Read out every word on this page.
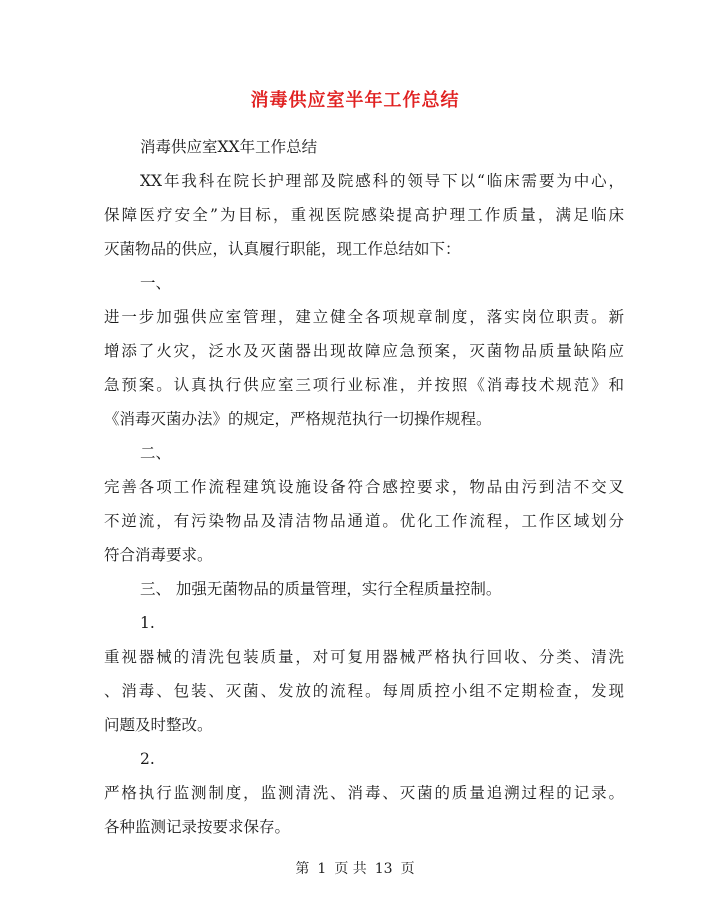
消毒供应室半年工作总结

消毒供应室XX年工作总结

XX年我科在院长护理部及院感科的领导下以“临床需要为中心，

保障医疗安全”为目标，重视医院感染提高护理工作质量，满足临床

灭菌物品的供应，认真履行职能，现工作总结如下：

一、

进一步加强供应室管理，建立健全各项规章制度，落实岗位职责。新

增添了火灾，泛水及灭菌器出现故障应急预案，灭菌物品质量缺陷应

急预案。认真执行供应室三项行业标准，并按照《消毒技术规范》和

《消毒灭菌办法》的规定，严格规范执行一切操作规程。

二、

完善各项工作流程建筑设施设备符合感控要求，物品由污到洁不交叉

不逆流，有污染物品及清洁物品通道。优化工作流程，工作区域划分

符合消毒要求。

三、 加强无菌物品的质量管理，实行全程质量控制。

1.

重视器械的清洗包装质量，对可复用器械严格执行回收、分类、清洗

、消毒、包装、灭菌、发放的流程。每周质控小组不定期检查，发现

问题及时整改。

2.

严格执行监测制度，监测清洗、消毒、灭菌的质量追溯过程的记录。

各种监测记录按要求保存。

第 1 页 共 13 页
